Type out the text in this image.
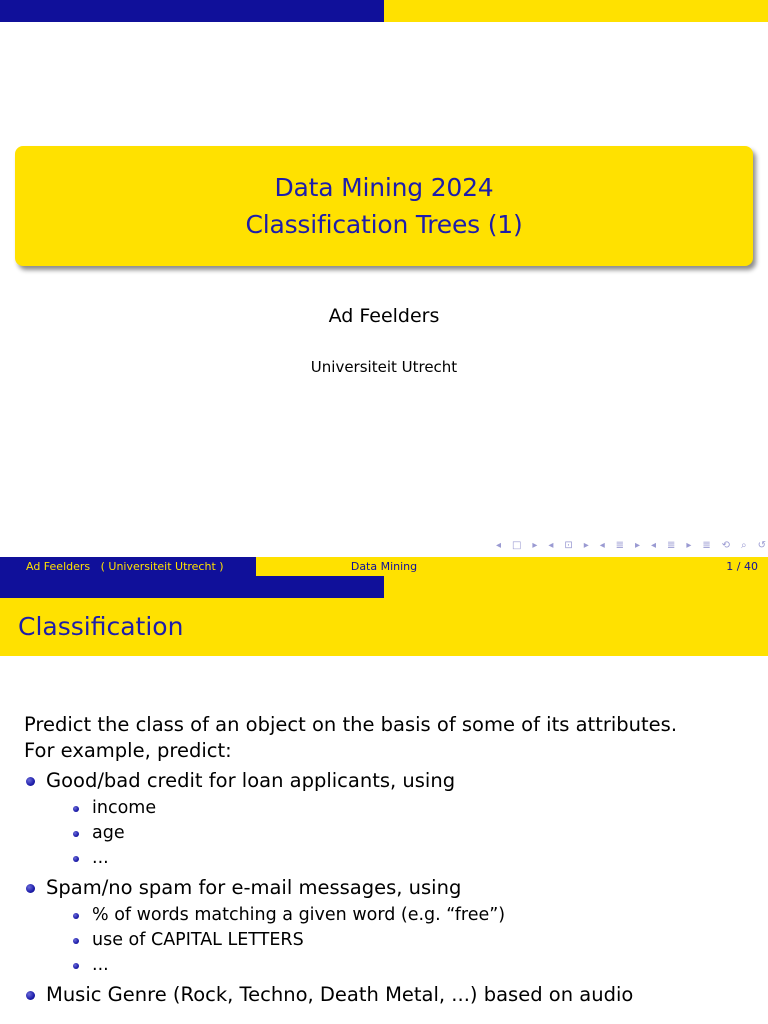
Data Mining 2024
Classification Trees (1)
Ad Feelders
Universiteit Utrecht
◂ □ ▸ ◂ ⊡ ▸ ◂ ≣ ▸ ◂ ≣ ▸ ≣ ⟲ ⌕ ↺
Ad Feelders   ( Universiteit Utrecht )	Data Mining	1 / 40
Classification

Predict the class of an object on the basis of some of its attributes.

For example, predict:

Good/bad credit for loan applicants, using
income
age
...
Spam/no spam for e-mail messages, using
% of words matching a given word (e.g. “free”)
use of CAPITAL LETTERS
...
Music Genre (Rock, Techno, Death Metal, ...) based on audio
